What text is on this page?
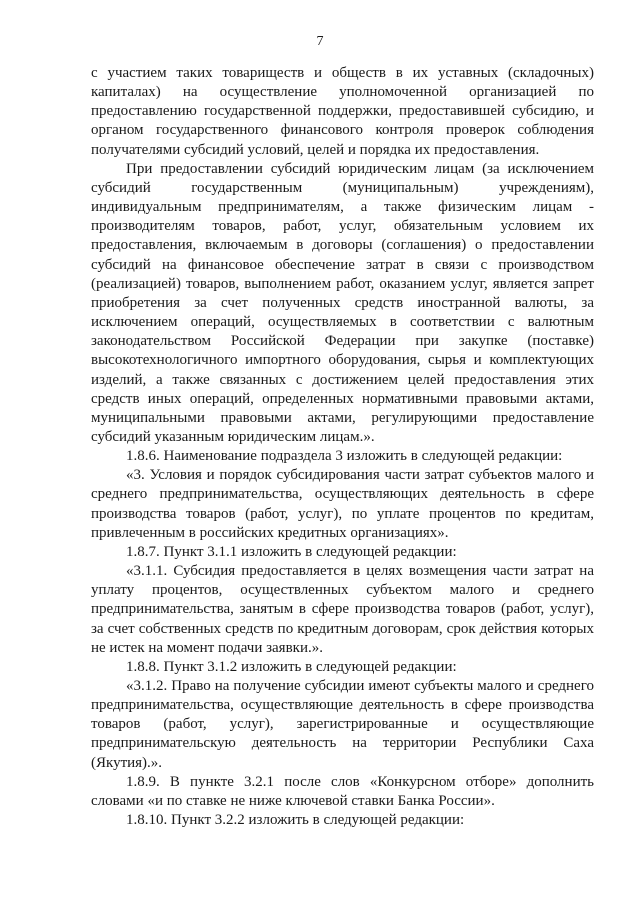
7

с участием таких товариществ и обществ в их уставных (складочных) капиталах) на осуществление уполномоченной организацией по предоставлению государственной поддержки, предоставившей субсидию, и органом государственного финансового контроля проверок соблюдения получателями субсидий условий, целей и порядка их предоставления.

При предоставлении субсидий юридическим лицам (за исключением субсидий государственным (муниципальным) учреждениям), индивидуальным предпринимателям, а также физическим лицам - производителям товаров, работ, услуг, обязательным условием их предоставления, включаемым в договоры (соглашения) о предоставлении субсидий на финансовое обеспечение затрат в связи с производством (реализацией) товаров, выполнением работ, оказанием услуг, является запрет приобретения за счет полученных средств иностранной валюты, за исключением операций, осуществляемых в соответствии с валютным законодательством Российской Федерации при закупке (поставке) высокотехнологичного импортного оборудования, сырья и комплектующих изделий, а также связанных с достижением целей предоставления этих средств иных операций, определенных нормативными правовыми актами, муниципальными правовыми актами, регулирующими предоставление субсидий указанным юридическим лицам.».

1.8.6. Наименование подраздела 3 изложить в следующей редакции:

«3. Условия и порядок субсидирования части затрат субъектов малого и среднего предпринимательства, осуществляющих деятельность в сфере производства товаров (работ, услуг), по уплате процентов по кредитам, привлеченным в российских кредитных организациях».

1.8.7. Пункт 3.1.1 изложить в следующей редакции:

«3.1.1. Субсидия предоставляется в целях возмещения части затрат на уплату процентов, осуществленных субъектом малого и среднего предпринимательства, занятым в сфере производства товаров (работ, услуг), за счет собственных средств по кредитным договорам, срок действия которых не истек на момент подачи заявки.».

1.8.8. Пункт 3.1.2 изложить в следующей редакции:

«3.1.2. Право на получение субсидии имеют субъекты малого и среднего предпринимательства, осуществляющие деятельность в сфере производства товаров (работ, услуг), зарегистрированные и осуществляющие предпринимательскую деятельность на территории Республики Саха (Якутия).».

1.8.9. В пункте 3.2.1 после слов «Конкурсном отборе» дополнить словами «и по ставке не ниже ключевой ставки Банка России».

1.8.10. Пункт 3.2.2 изложить в следующей редакции:
